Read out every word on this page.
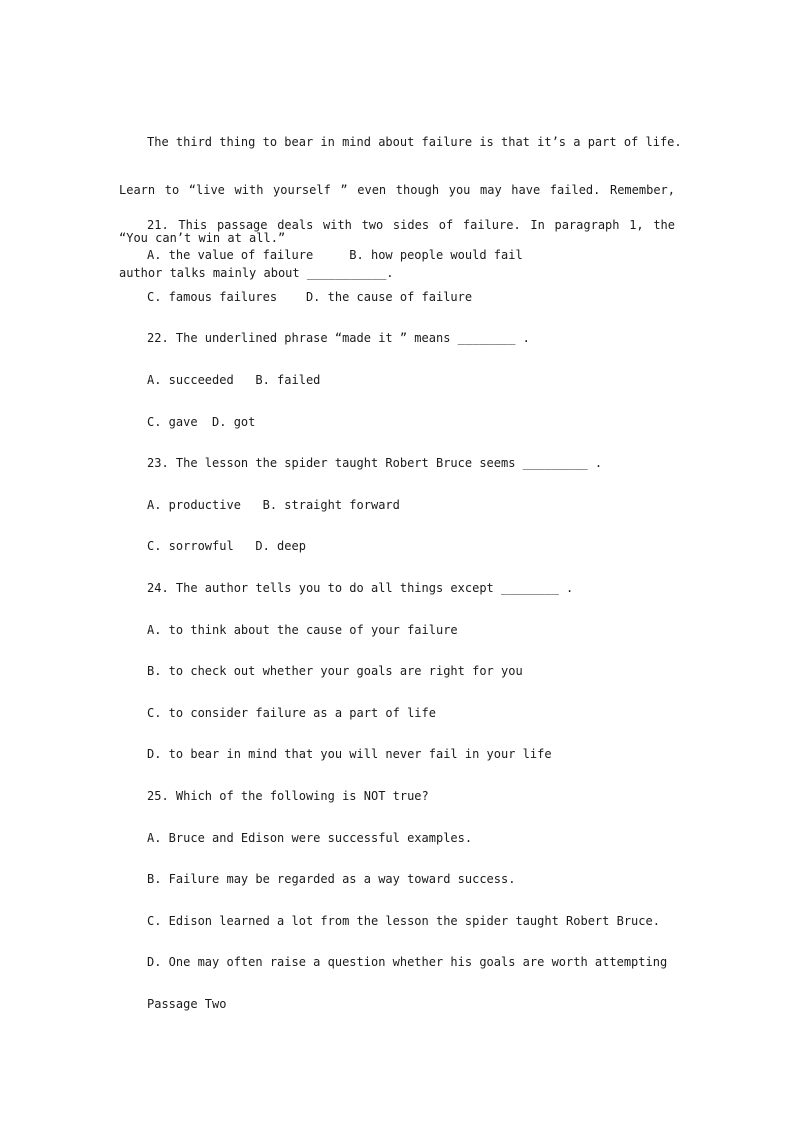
The third thing to bear in mind about failure is that it’s a part of life.

Learn to “live with yourself ” even though you may have failed. Remember,

“You can’t win at all.”

21. This passage deals with two sides of failure. In paragraph 1, the

author talks mainly about ___________.

A. the value of failure     B. how people would fail
C. famous failures    D. the cause of failure
22. The underlined phrase “made it ” means ________ .
A. succeeded   B. failed
C. gave  D. got
23. The lesson the spider taught Robert Bruce seems _________ .
A. productive   B. straight forward
C. sorrowful   D. deep
24. The author tells you to do all things except ________ .
A. to think about the cause of your failure
B. to check out whether your goals are right for you
C. to consider failure as a part of life
D. to bear in mind that you will never fail in your life
25. Which of the following is NOT true?
A. Bruce and Edison were successful examples.
B. Failure may be regarded as a way toward success.
C. Edison learned a lot from the lesson the spider taught Robert Bruce.
D. One may often raise a question whether his goals are worth attempting
Passage Two
